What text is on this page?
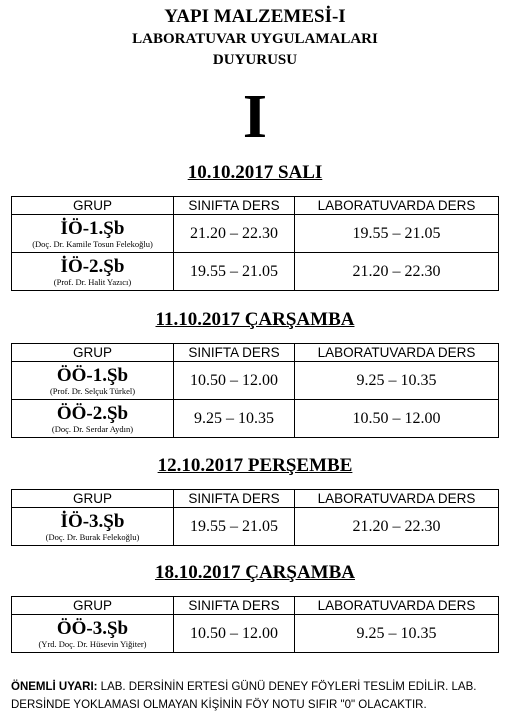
YAPI MALZEMESİ-I
LABORATUVAR UYGULAMALARI
DUYURUSU
I
10.10.2017 SALI
GRUP	SINIFTA DERS	LABORATUVARDA DERS

İÖ-1.Şb
(Doç. Dr. Kamile Tosun Felekoğlu)	21.20 – 22.30	19.55 – 21.05

İÖ-2.Şb
(Prof. Dr. Halit Yazıcı)	19.55 – 21.05	21.20 – 22.30
11.10.2017 ÇARŞAMBA
GRUP	SINIFTA DERS	LABORATUVARDA DERS

ÖÖ-1.Şb
(Prof. Dr. Selçuk Türkel)	10.50 – 12.00	9.25 – 10.35

ÖÖ-2.Şb
(Doç. Dr. Serdar Aydın)	9.25 – 10.35	10.50 – 12.00
12.10.2017 PERŞEMBE
GRUP	SINIFTA DERS	LABORATUVARDA DERS

İÖ-3.Şb
(Doç. Dr. Burak Felekoğlu)	19.55 – 21.05	21.20 – 22.30
18.10.2017 ÇARŞAMBA
GRUP	SINIFTA DERS	LABORATUVARDA DERS

ÖÖ-3.Şb
(Yrd. Doç. Dr. Hüsevin Yiğiter)	10.50 – 12.00	9.25 – 10.35
ÖNEMLİ UYARI: LAB. DERSİNİN ERTESİ GÜNÜ DENEY FÖYLERİ TESLİM EDİLİR. LAB. DERSİNDE YOKLAMASI OLMAYAN KİŞİNİN FÖY NOTU SIFIR "0" OLACAKTIR.
